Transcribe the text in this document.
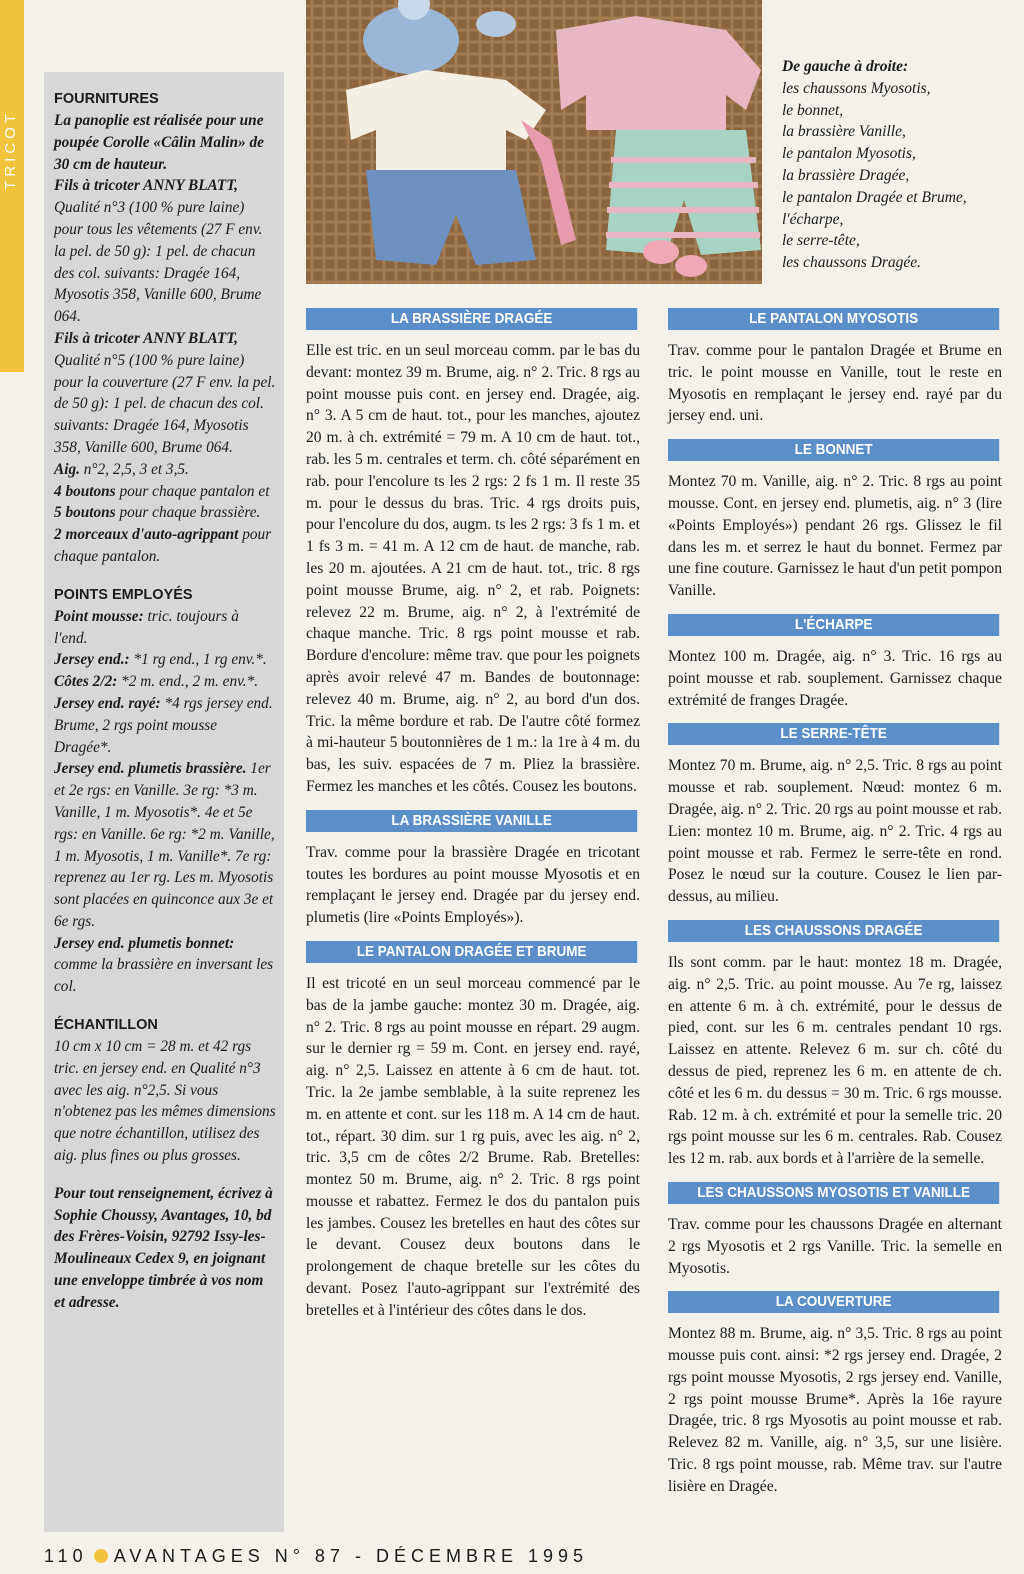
TRICOT
FOURNITURES

La panoplie est réalisée pour une poupée Corolle «Câlin Malin» de 30 cm de hauteur.

Fils à tricoter ANNY BLATT, Qualité n°3 (100 % pure laine) pour tous les vêtements (27 F env. la pel. de 50 g): 1 pel. de chacun des col. suivants: Dragée 164, Myosotis 358, Vanille 600, Brume 064.

Fils à tricoter ANNY BLATT, Qualité n°5 (100 % pure laine) pour la couverture (27 F env. la pel. de 50 g): 1 pel. de chacun des col. suivants: Dragée 164, Myosotis 358, Vanille 600, Brume 064.

Aig. n°2, 2,5, 3 et 3,5.

4 boutons pour chaque pantalon et 5 boutons pour chaque brassière.

2 morceaux d'auto-agrippant pour chaque pantalon.

POINTS EMPLOYÉS

Point mousse: tric. toujours à l'end.

Jersey end.: *1 rg end., 1 rg env.*.

Côtes 2/2: *2 m. end., 2 m. env.*.

Jersey end. rayé: *4 rgs jersey end. Brume, 2 rgs point mousse Dragée*.

Jersey end. plumetis brassière. 1er et 2e rgs: en Vanille. 3e rg: *3 m. Vanille, 1 m. Myosotis*. 4e et 5e rgs: en Vanille. 6e rg: *2 m. Vanille, 1 m. Myosotis, 1 m. Vanille*. 7e rg: reprenez au 1er rg. Les m. Myosotis sont placées en quinconce aux 3e et 6e rgs.

Jersey end. plumetis bonnet: comme la brassière en inversant les col.

ÉCHANTILLON

10 cm x 10 cm = 28 m. et 42 rgs tric. en jersey end. en Qualité n°3 avec les aig. n°2,5. Si vous n'obtenez pas les mêmes dimensions que notre échantillon, utilisez des aig. plus fines ou plus grosses.

Pour tout renseignement, écrivez à Sophie Choussy, Avantages, 10, bd des Frères-Voisin, 92792 Issy-les-Moulineaux Cedex 9, en joignant une enveloppe timbrée à vos nom et adresse.

De gauche à droite:
les chaussons Myosotis,
le bonnet,
la brassière Vanille,
le pantalon Myosotis,
la brassière Dragée,
le pantalon Dragée et Brume,
l'écharpe,
le serre-tête,
les chaussons Dragée.
LA BRASSIÈRE DRAGÉE

Elle est tric. en un seul morceau comm. par le bas du devant: montez 39 m. Brume, aig. n° 2. Tric. 8 rgs au point mousse puis cont. en jersey end. Dragée, aig. n° 3. A 5 cm de haut. tot., pour les manches, ajoutez 20 m. à ch. extrémité = 79 m. A 10 cm de haut. tot., rab. les 5 m. centrales et term. ch. côté séparément en rab. pour l'encolure ts les 2 rgs: 2 fs 1 m. Il reste 35 m. pour le dessus du bras. Tric. 4 rgs droits puis, pour l'encolure du dos, augm. ts les 2 rgs: 3 fs 1 m. et 1 fs 3 m. = 41 m. A 12 cm de haut. de manche, rab. les 20 m. ajoutées. A 21 cm de haut. tot., tric. 8 rgs point mousse Brume, aig. n° 2, et rab. Poignets: relevez 22 m. Brume, aig. n° 2, à l'extrémité de chaque manche. Tric. 8 rgs point mousse et rab. Bordure d'encolure: même trav. que pour les poignets après avoir relevé 47 m. Bandes de boutonnage: relevez 40 m. Brume, aig. n° 2, au bord d'un dos. Tric. la même bordure et rab. De l'autre côté formez à mi-hauteur 5 boutonnières de 1 m.: la 1re à 4 m. du bas, les suiv. espacées de 7 m. Pliez la brassière. Fermez les manches et les côtés. Cousez les boutons.

LA BRASSIÈRE VANILLE

Trav. comme pour la brassière Dragée en tricotant toutes les bordures au point mousse Myosotis et en remplaçant le jersey end. Dragée par du jersey end. plumetis (lire «Points Employés»).

LE PANTALON DRAGÉE ET BRUME

Il est tricoté en un seul morceau commencé par le bas de la jambe gauche: montez 30 m. Dragée, aig. n° 2. Tric. 8 rgs au point mousse en répart. 29 augm. sur le dernier rg = 59 m. Cont. en jersey end. rayé, aig. n° 2,5. Laissez en attente à 6 cm de haut. tot. Tric. la 2e jambe semblable, à la suite reprenez les m. en attente et cont. sur les 118 m. A 14 cm de haut. tot., répart. 30 dim. sur 1 rg puis, avec les aig. n° 2, tric. 3,5 cm de côtes 2/2 Brume. Rab. Bretelles: montez 50 m. Brume, aig. n° 2. Tric. 8 rgs point mousse et rabattez. Fermez le dos du pantalon puis les jambes. Cousez les bretelles en haut des côtes sur le devant. Cousez deux boutons dans le prolongement de chaque bretelle sur les côtes du devant. Posez l'auto-agrippant sur l'extrémité des bretelles et à l'intérieur des côtes dans le dos.

LE PANTALON MYOSOTIS

Trav. comme pour le pantalon Dragée et Brume en tric. le point mousse en Vanille, tout le reste en Myosotis en remplaçant le jersey end. rayé par du jersey end. uni.

LE BONNET

Montez 70 m. Vanille, aig. n° 2. Tric. 8 rgs au point mousse. Cont. en jersey end. plumetis, aig. n° 3 (lire «Points Employés») pendant 26 rgs. Glissez le fil dans les m. et serrez le haut du bonnet. Fermez par une fine couture. Garnissez le haut d'un petit pompon Vanille.

L'ÉCHARPE

Montez 100 m. Dragée, aig. n° 3. Tric. 16 rgs au point mousse et rab. souplement. Garnissez chaque extrémité de franges Dragée.

LE SERRE-TÊTE

Montez 70 m. Brume, aig. n° 2,5. Tric. 8 rgs au point mousse et rab. souplement. Nœud: montez 6 m. Dragée, aig. n° 2. Tric. 20 rgs au point mousse et rab. Lien: montez 10 m. Brume, aig. n° 2. Tric. 4 rgs au point mousse et rab. Fermez le serre-tête en rond. Posez le nœud sur la couture. Cousez le lien par-dessus, au milieu.

LES CHAUSSONS DRAGÉE

Ils sont comm. par le haut: montez 18 m. Dragée, aig. n° 2,5. Tric. au point mousse. Au 7e rg, laissez en attente 6 m. à ch. extrémité, pour le dessus de pied, cont. sur les 6 m. centrales pendant 10 rgs. Laissez en attente. Relevez 6 m. sur ch. côté du dessus de pied, reprenez les 6 m. en attente de ch. côté et les 6 m. du dessus = 30 m. Tric. 6 rgs mousse. Rab. 12 m. à ch. extrémité et pour la semelle tric. 20 rgs point mousse sur les 6 m. centrales. Rab. Cousez les 12 m. rab. aux bords et à l'arrière de la semelle.

LES CHAUSSONS MYOSOTIS ET VANILLE

Trav. comme pour les chaussons Dragée en alternant 2 rgs Myosotis et 2 rgs Vanille. Tric. la semelle en Myosotis.

LA COUVERTURE

Montez 88 m. Brume, aig. n° 3,5. Tric. 8 rgs au point mousse puis cont. ainsi: *2 rgs jersey end. Dragée, 2 rgs point mousse Myosotis, 2 rgs jersey end. Vanille, 2 rgs point mousse Brume*. Après la 16e rayure Dragée, tric. 8 rgs Myosotis au point mousse et rab. Relevez 82 m. Vanille, aig. n° 3,5, sur une lisière. Tric. 8 rgs point mousse, rab. Même trav. sur l'autre lisière en Dragée.

110 AVANTAGES N° 87 - DÉCEMBRE 1995
